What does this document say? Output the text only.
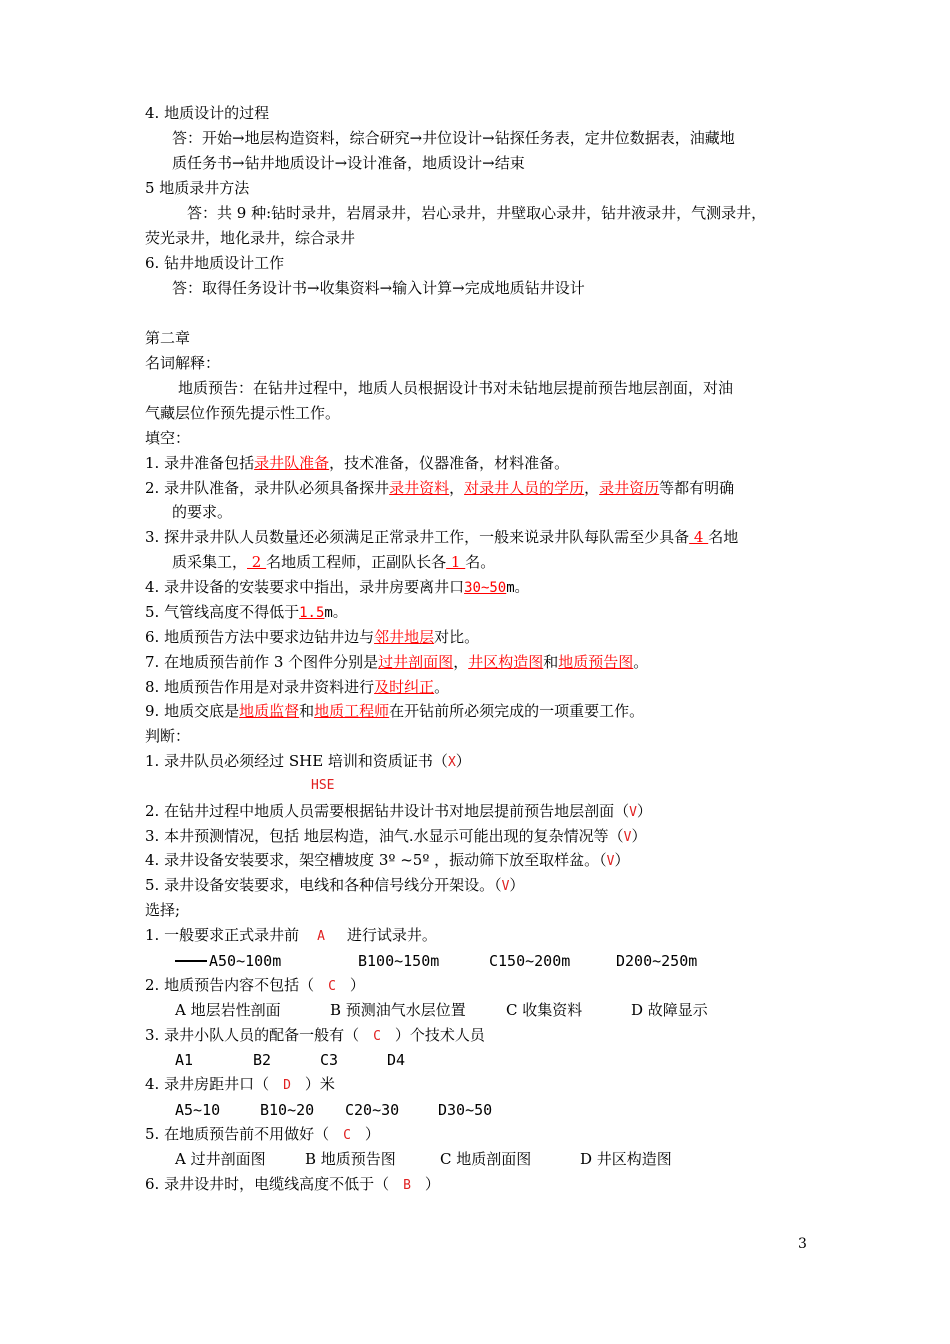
4. 地质设计的过程
答：开始→地层构造资料，综合研究→井位设计→钻探任务表，定井位数据表，油藏地
质任务书→钻井地质设计→设计准备，地质设计→结束
5 地质录井方法
答：共 9 种:钻时录井，岩屑录井，岩心录井，井壁取心录井，钻井液录井，气测录井，
荧光录井，地化录井，综合录井
6. 钻井地质设计工作
答：取得任务设计书→收集资料→输入计算→完成地质钻井设计
第二章
名词解释：
地质预告：在钻井过程中，地质人员根据设计书对未钻地层提前预告地层剖面，对油
气藏层位作预先提示性工作。
填空：
1. 录井准备包括录井队准备，技术准备，仪器准备，材料准备。
2. 录井队准备，录井队必须具备探井录井资料，对录井人员的学历，录井资历等都有明确
的要求。
3. 探井录井队人员数量还必须满足正常录井工作，一般来说录井队每队需至少具备 4 名地
质采集工， 2 名地质工程师，正副队长各 1 名。
4. 录井设备的安装要求中指出，录井房要离井口30~50m。
5. 气管线高度不得低于1.5m。
6. 地质预告方法中要求边钻井边与邻井地层对比。
7. 在地质预告前作 3 个图件分别是过井剖面图，井区构造图和地质预告图。
8. 地质预告作用是对录井资料进行及时纠正。
9. 地质交底是地质监督和地质工程师在开钻前所必须完成的一项重要工作。
判断：
1. 录井队员必须经过 SHE 培训和资质证书（X）
HSE
2. 在钻井过程中地质人员需要根据钻井设计书对地层提前预告地层剖面（V）
3. 本井预测情况，包括 地层构造，油气.水显示可能出现的复杂情况等（V）
4. 录井设备安装要求，架空槽坡度 3º ~5º ，振动筛下放至取样盆。（V）
5. 录井设备安装要求，电线和各种信号线分开架设。（V）
选择;
1. 一般要求正式录井前 A 进行试录井。
A50~100m	B100~150m	C150~200m	D200~250m
2. 地质预告内容不包括（ C ）
A 地层岩性剖面	B 预测油气水层位置	C 收集资料	D 故障显示
3. 录井小队人员的配备一般有（ C ）个技术人员
A1	B2	C3	D4
4. 录井房距井口（ D ）米
A5~10	B10~20 C20~30	D30~50
5. 在地质预告前不用做好（ C ）
A 过井剖面图	B 地质预告图	C 地质剖面图	D 井区构造图
6. 录井设井时，电缆线高度不低于（ B ）
3
